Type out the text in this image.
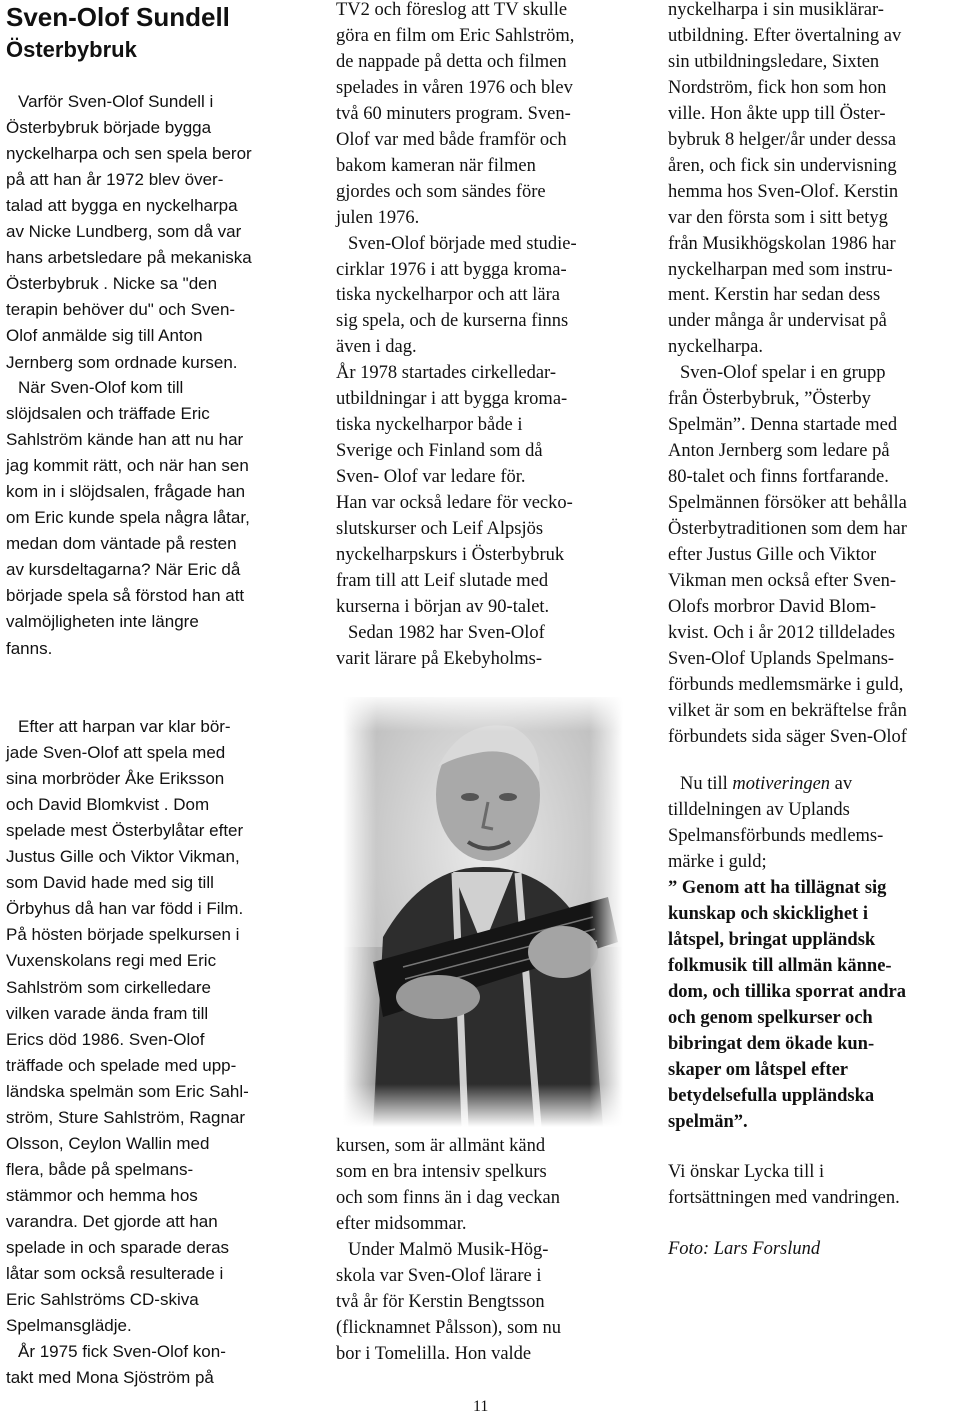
Sven-Olof Sundell
Österbybruk
Varför Sven-Olof Sundell i
Österbybruk började bygga
nyckelharpa och sen spela beror
på att han år 1972 blev över-
talad att bygga en nyckelharpa
av Nicke Lundberg, som då var
hans arbetsledare på mekaniska
Österbybruk . Nicke sa "den
terapin behöver du" och Sven-
Olof anmälde sig till Anton
Jernberg som ordnade kursen.
När Sven-Olof kom till
slöjdsalen och träffade Eric
Sahlström kände han att nu har
jag kommit rätt, och när han sen
kom in i slöjdsalen, frågade han
om Eric kunde spela några låtar,
medan dom väntade på resten
av kursdeltagarna? När Eric då
började spela så förstod han att
valmöjligheten inte längre
fanns.
Efter att harpan var klar bör-
jade Sven-Olof att spela med
sina morbröder Åke Eriksson
och David Blomkvist . Dom
spelade mest Österbylåtar efter
Justus Gille och Viktor Vikman,
som David hade med sig till
Örbyhus då han var född i Film.
På hösten började spelkursen i
Vuxenskolans regi med Eric
Sahlström som cirkelledare
vilken varade ända fram till
Erics död 1986. Sven-Olof
träffade och spelade med upp-
ländska spelmän som Eric Sahl-
ström, Sture Sahlström, Ragnar
Olsson, Ceylon Wallin med
flera, både på spelmans-
stämmor och hemma hos
varandra. Det gjorde att han
spelade in och sparade deras
låtar som också resulterade i
Eric Sahlströms CD-skiva
Spelmansglädje.
År 1975 fick Sven-Olof kon-
takt med Mona Sjöström på
TV2 och föreslog att TV skulle
göra en film om Eric Sahlström,
de nappade på detta och filmen
spelades in våren 1976 och blev
två 60 minuters program. Sven-
Olof var med både framför och
bakom kameran när filmen
gjordes och som sändes före
julen 1976.
Sven-Olof började med studie-
cirklar 1976 i att bygga kroma-
tiska nyckelharpor och att lära
sig spela, och de kurserna finns
även i dag.
År 1978 startades cirkelledar-
utbildningar i att bygga kroma-
tiska nyckelharpor både i
Sverige och Finland som då
Sven- Olof var ledare för.
Han var också ledare för vecko-
slutskurser och Leif Alpsjös
nyckelharpskurs i Österbybruk
fram till att Leif slutade med
kurserna i början av 90-talet.
Sedan 1982 har Sven-Olof
varit lärare på Ekebyholms-
kursen, som är allmänt känd
som en bra intensiv spelkurs
och som finns än i dag veckan
efter midsommar.
Under Malmö Musik-Hög-
skola var Sven-Olof lärare i
två år för Kerstin Bengtsson
(flicknamnet Pålsson), som nu
bor i Tomelilla. Hon valde
nyckelharpa i sin musiklärar-
utbildning. Efter övertalning av
sin utbildningsledare, Sixten
Nordström, fick hon som hon
ville. Hon åkte upp till Öster-
bybruk 8 helger/år under dessa
åren, och fick sin undervisning
hemma hos Sven-Olof. Kerstin
var den första som i sitt betyg
från Musikhögskolan 1986 har
nyckelharpan med som instru-
ment. Kerstin har sedan dess
under många år undervisat på
nyckelharpa.
Sven-Olof spelar i en grupp
från Österbybruk, ”Österby
Spelmän”. Denna startade med
Anton Jernberg som ledare på
80-talet och finns fortfarande.
Spelmännen försöker att behålla
Österbytraditionen som dem har
efter Justus Gille och Viktor
Vikman men också efter Sven-
Olofs morbror David Blom-
kvist. Och i år 2012 tilldelades
Sven-Olof Uplands Spelmans-
förbunds medlemsmärke i guld,
vilket är som en bekräftelse från
förbundets sida säger Sven-Olof
tilldelningen av Uplands
Spelmansförbunds medlems-
märke i guld;
” Genom att ha tillägnat sig
kunskap och skicklighet i
låtspel, bringat uppländsk
folkmusik till allmän känne-
dom, och tillika sporrat andra
och genom spelkurser och
bibringat dem ökade kun-
skaper om låtspel efter
betydelsefulla uppländska
spelmän”.
Vi önskar Lycka till i
fortsättningen med vandringen.
Nu till motiveringen av
Foto: Lars Forslund
11
